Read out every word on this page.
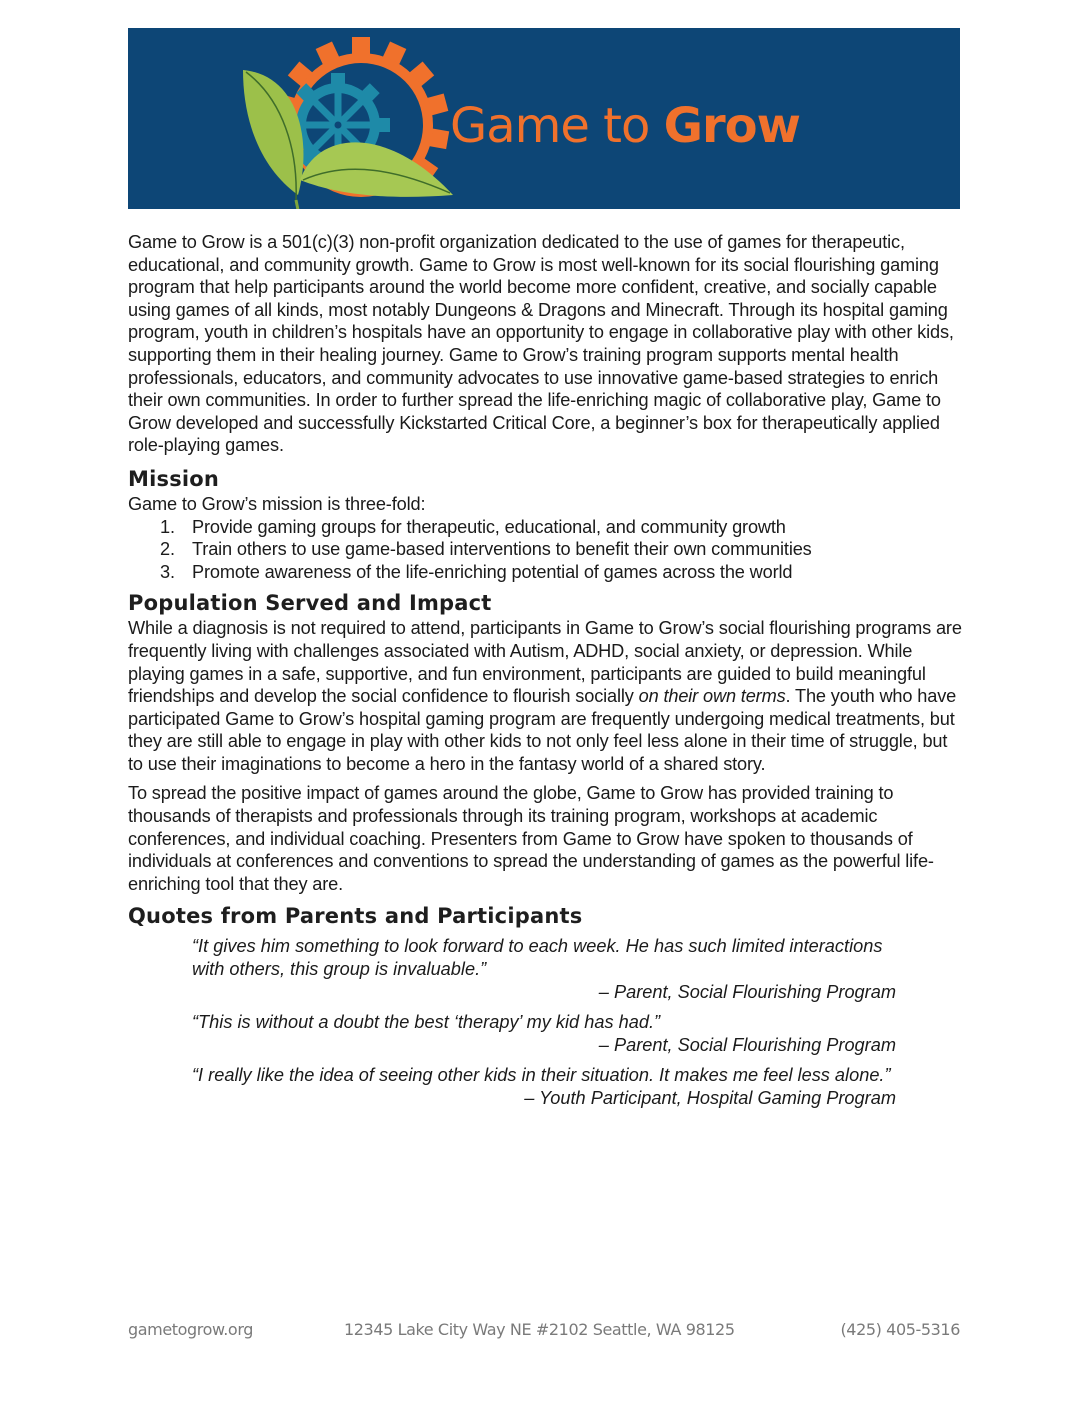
Game to Grow

Game to Grow is a 501(c)(3) non-profit organization dedicated to the use of games for therapeutic, educational, and community growth. Game to Grow is most well-known for its social flourishing gaming program that help participants around the world become more confident, creative, and socially capable using games of all kinds, most notably Dungeons & Dragons and Minecraft. Through its hospital gaming program, youth in children’s hospitals have an opportunity to engage in collaborative play with other kids, supporting them in their healing journey. Game to Grow’s training program supports mental health professionals, educators, and community advocates to use innovative game-based strategies to enrich their own communities. In order to further spread the life-enriching magic of collaborative play, Game to Grow developed and successfully Kickstarted Critical Core, a beginner’s box for therapeutically applied role-playing games.

Mission

Game to Grow’s mission is three-fold:

1. Provide gaming groups for therapeutic, educational, and community growth
2. Train others to use game-based interventions to benefit their own communities
3. Promote awareness of the life-enriching potential of games across the world
Population Served and Impact

While a diagnosis is not required to attend, participants in Game to Grow’s social flourishing programs are frequently living with challenges associated with Autism, ADHD, social anxiety, or depression. While playing games in a safe, supportive, and fun environment, participants are guided to build meaningful friendships and develop the social confidence to flourish socially on their own terms. The youth who have participated Game to Grow’s hospital gaming program are frequently undergoing medical treatments, but they are still able to engage in play with other kids to not only feel less alone in their time of struggle, but to use their imaginations to become a hero in the fantasy world of a shared story.

To spread the positive impact of games around the globe, Game to Grow has provided training to thousands of therapists and professionals through its training program, workshops at academic conferences, and individual coaching. Presenters from Game to Grow have spoken to thousands of individuals at conferences and conventions to spread the understanding of games as the powerful life-enriching tool that they are.

Quotes from Parents and Participants
“It gives him something to look forward to each week. He has such limited interactions with others, this group is invaluable.”
– Parent, Social Flourishing Program
“This is without a doubt the best ‘therapy’ my kid has had.”
– Parent, Social Flourishing Program
“I really like the idea of seeing other kids in their situation. It makes me feel less alone.”
– Youth Participant, Hospital Gaming Program
gametogrow.org	12345 Lake City Way NE #2102 Seattle, WA 98125	(425) 405-5316
